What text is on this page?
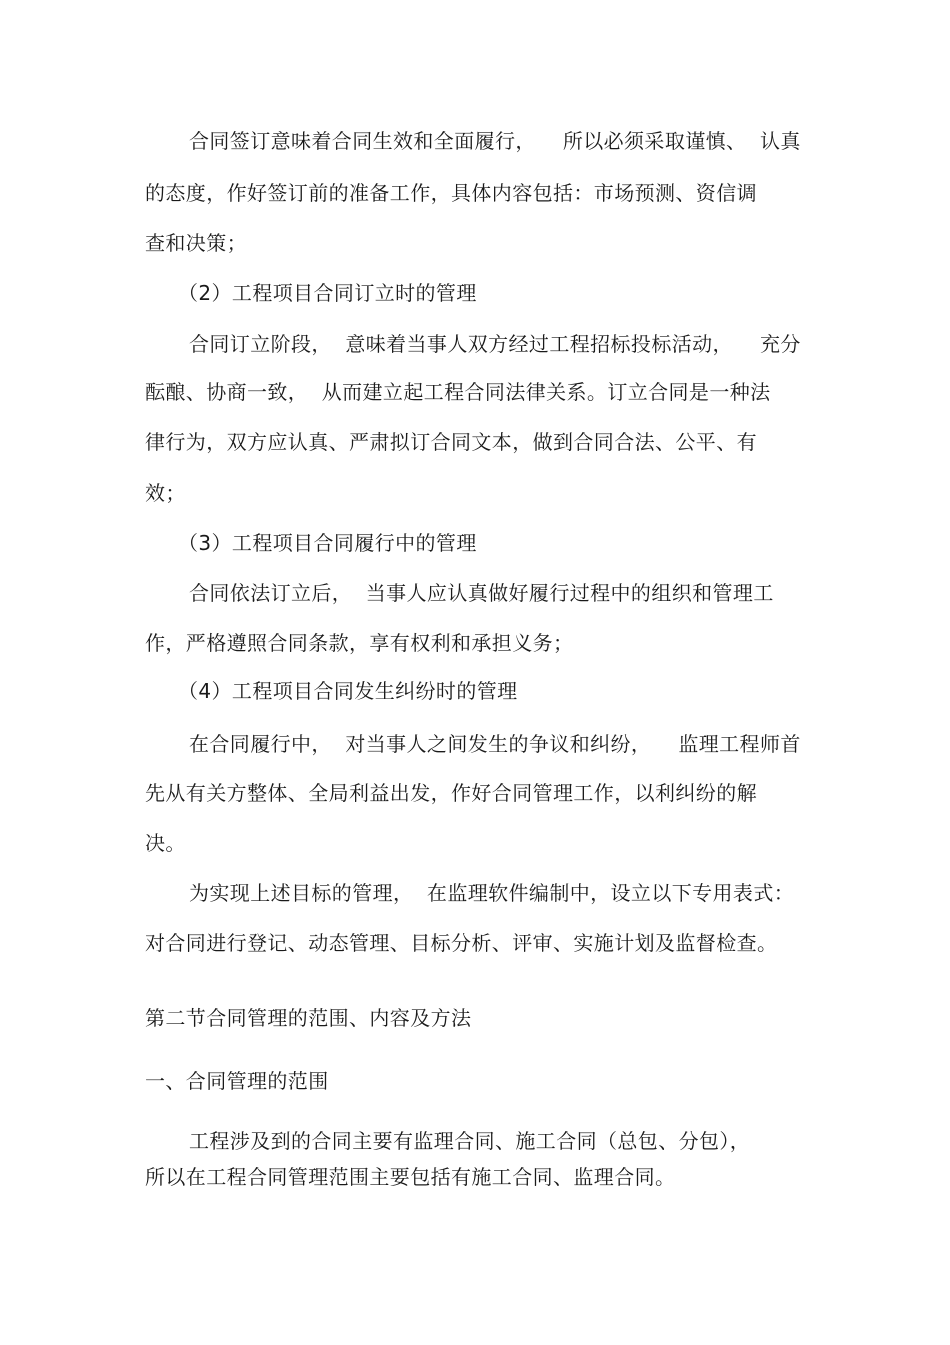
合同签订意味着合同生效和全面履行，    所以必须采取谨慎、  认真
的态度，作好签订前的准备工作，具体内容包括：市场预测、资信调
查和决策；
（2）工程项目合同订立时的管理
合同订立阶段，  意味着当事人双方经过工程招标投标活动，    充分
酝酿、协商一致，  从而建立起工程合同法律关系。订立合同是一种法
律行为，双方应认真、严肃拟订合同文本，做到合同合法、公平、有
效；
（3）工程项目合同履行中的管理
合同依法订立后，  当事人应认真做好履行过程中的组织和管理工
作，严格遵照合同条款，享有权利和承担义务；
（4）工程项目合同发生纠纷时的管理
在合同履行中，  对当事人之间发生的争议和纠纷，    监理工程师首
先从有关方整体、全局利益出发，作好合同管理工作，以利纠纷的解
决。
为实现上述目标的管理，  在监理软件编制中，设立以下专用表式：
对合同进行登记、动态管理、目标分析、评审、实施计划及监督检查。
第二节合同管理的范围、内容及方法
一、合同管理的范围
工程涉及到的合同主要有监理合同、施工合同（总包、分包），
所以在工程合同管理范围主要包括有施工合同、监理合同。
